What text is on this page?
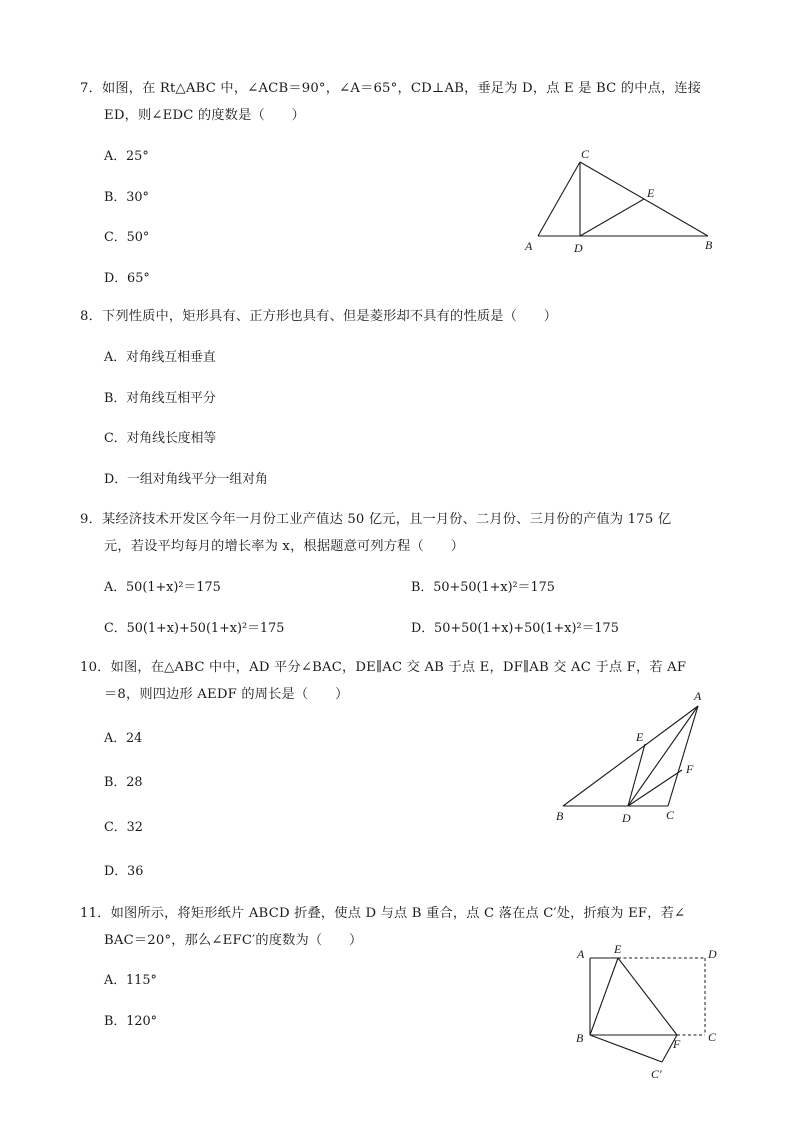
7．如图，在 Rt△ABC 中，∠ACB＝90°，∠A＝65°，CD⊥AB，垂足为 D，点 E 是 BC 的中点，连接
ED，则∠EDC 的度数是（　　）
A．25°
B．30°
C．50°
D．65°
C
E
A	D	B
8．下列性质中，矩形具有、正方形也具有、但是菱形却不具有的性质是（　　）
A．对角线互相垂直
B．对角线互相平分
C．对角线长度相等
D．一组对角线平分一组对角
9．某经济技术开发区今年一月份工业产值达 50 亿元，且一月份、二月份、三月份的产值为 175 亿
元，若设平均每月的增长率为 x，根据题意可列方程（　　）
A．50(1+x)²＝175	B．50+50(1+x)²＝175
C．50(1+x)+50(1+x)²＝175	D．50+50(1+x)+50(1+x)²＝175
10．如图，在△ABC 中中，AD 平分∠BAC，DE∥AC 交 AB 于点 E，DF∥AB 交 AC 于点 F，若 AF
＝8，则四边形 AEDF 的周长是（　　）
A．24
B．28
C．32
D．36
A
E
F
B	D	C
11．如图所示，将矩形纸片 ABCD 折叠，使点 D 与点 B 重合，点 C 落在点 C′处，折痕为 EF，若∠
BAC＝20°，那么∠EFC′的度数为（　　）
A．115°
B．120°
A E	D
B	F C
C′
